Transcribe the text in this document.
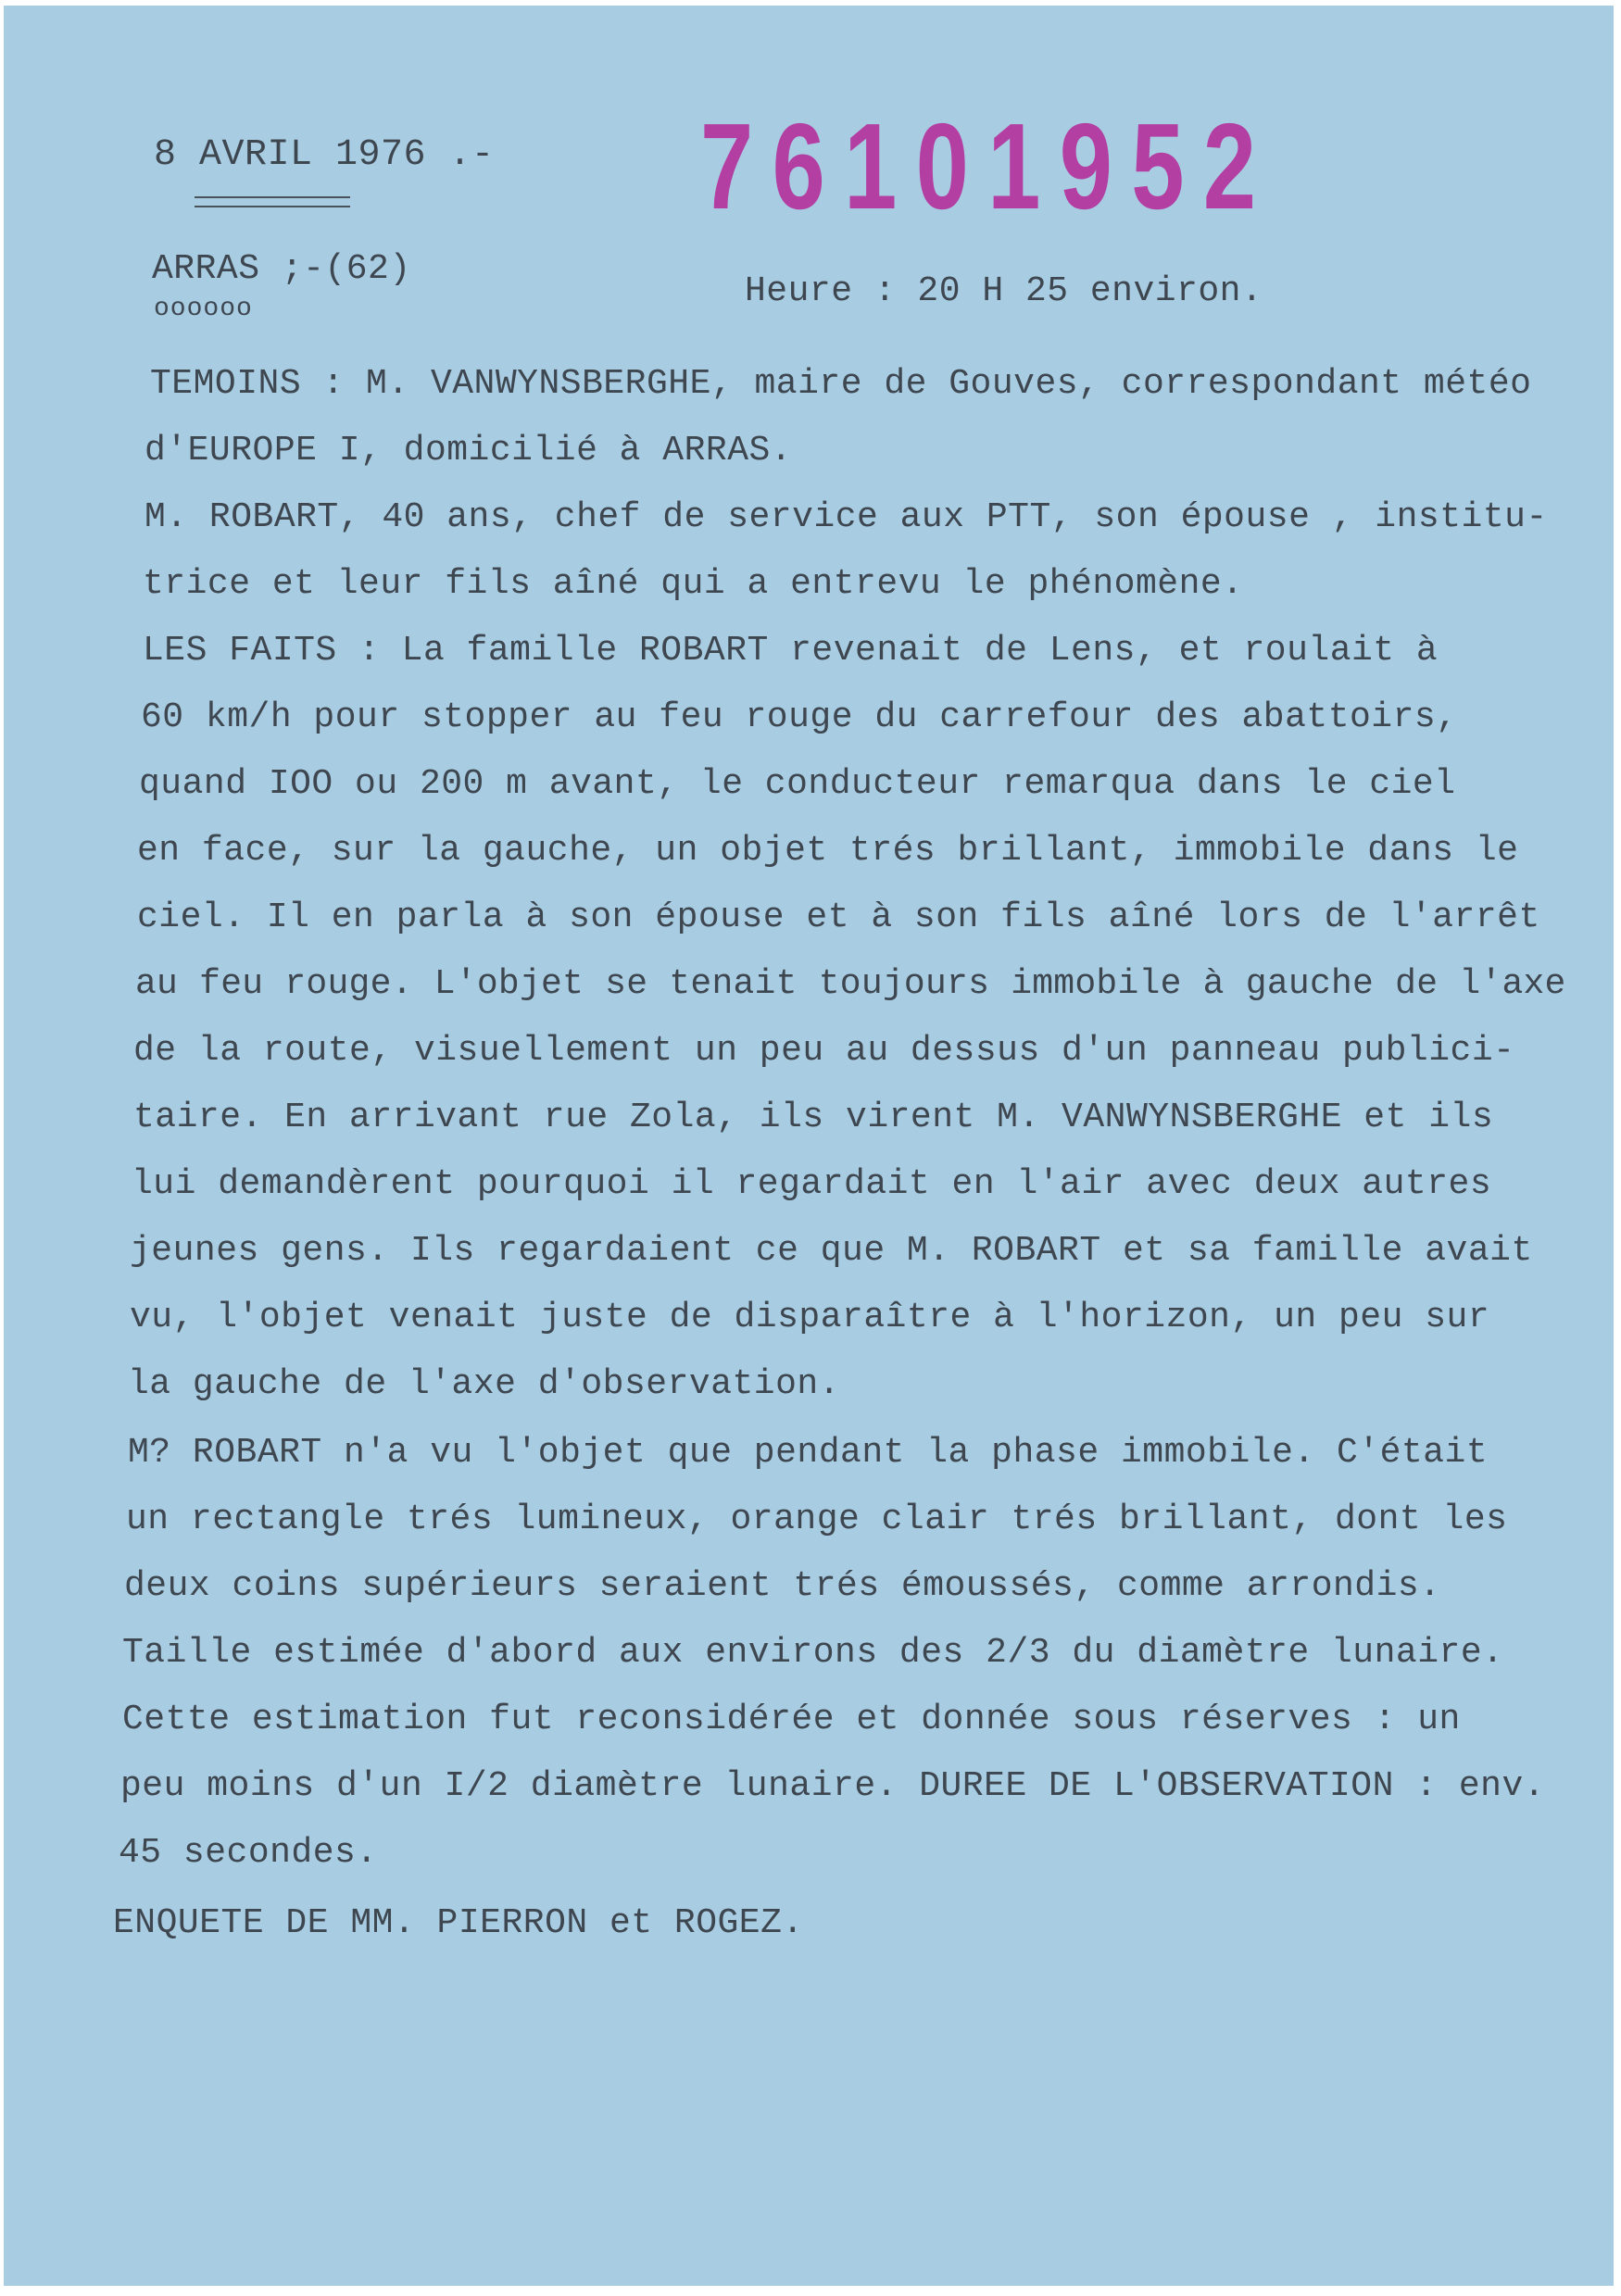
8 AVRIL 1976 .- 76101952
ARRAS ;-(62)
oooooo	Heure : 20 H 25 environ.
TEMOINS : M. VANWYNSBERGHE, maire de Gouves, correspondant météo
d'EUROPE I, domicilié à ARRAS.
M. ROBART, 40 ans, chef de service aux PTT, son épouse , institu-
trice et leur fils aîné qui a entrevu le phénomène.
LES FAITS : La famille ROBART revenait de Lens, et roulait à
60 km/h pour stopper au feu rouge du carrefour des abattoirs,
quand IOO ou 200 m avant, le conducteur remarqua dans le ciel
en face, sur la gauche, un objet trés brillant, immobile dans le
ciel. Il en parla à son épouse et à son fils aîné lors de l'arrêt
au feu rouge. L'objet se tenait toujours immobile à gauche de l'axe
de la route, visuellement un peu au dessus d'un panneau publici-
taire. En arrivant rue Zola, ils virent M. VANWYNSBERGHE et ils
lui demandèrent pourquoi il regardait en l'air avec deux autres
jeunes gens. Ils regardaient ce que M. ROBART et sa famille avait
vu, l'objet venait juste de disparaître à l'horizon, un peu sur
la gauche de l'axe d'observation.
M? ROBART n'a vu l'objet que pendant la phase immobile. C'était
un rectangle trés lumineux, orange clair trés brillant, dont les
deux coins supérieurs seraient trés émoussés, comme arrondis.
Taille estimée d'abord aux environs des 2/3 du diamètre lunaire.
Cette estimation fut reconsidérée et donnée sous réserves : un
peu moins d'un I/2 diamètre lunaire. DUREE DE L'OBSERVATION : env.
45 secondes.
ENQUETE DE MM. PIERRON et ROGEZ.
